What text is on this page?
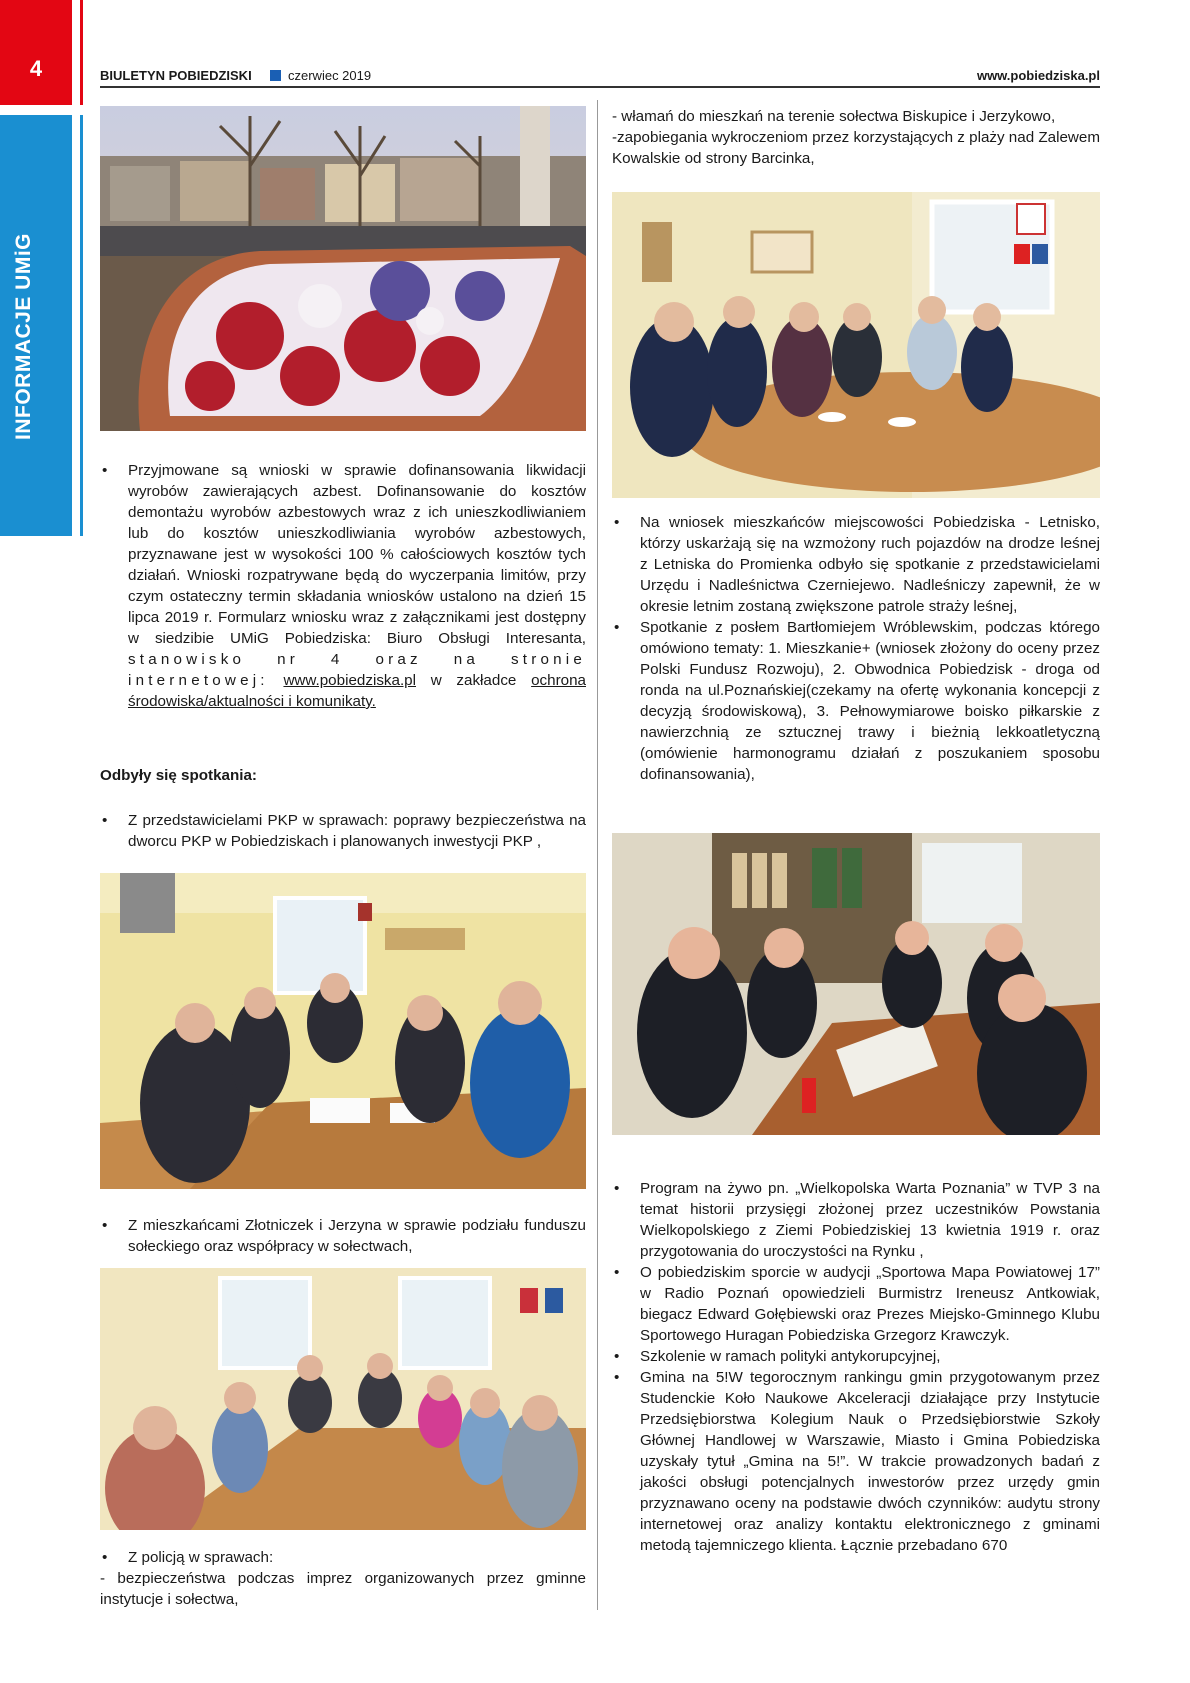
4
INFORMACJE UMiG
BIULETYN POBIEDZISKI	czerwiec 2019	www.pobiedziska.pl
• Przyjmowane są wnioski w sprawie dofinansowania likwidacji wyrobów zawierających azbest. Dofinansowanie do kosztów demontażu wyrobów azbestowych wraz z ich unieszkodliwianiem lub do kosztów unieszkodliwiania wyrobów azbestowych, przyznawane jest w wysokości 100 % całościowych kosztów tych działań. Wnioski rozpatrywane będą do wyczerpania limitów, przy czym ostateczny termin składania wniosków ustalono na dzień 15 lipca 2019 r. Formularz wniosku wraz z załącznikami jest dostępny w siedzibie UMiG Pobiedziska: Biuro Obsługi Interesanta, stanowisko nr 4 oraz na stronie internetowej: www.pobiedziska.pl w zakładce ochrona środowiska/aktualności i komunikaty.
Odbyły się spotkania:
• Z przedstawicielami PKP w sprawach: poprawy bezpieczeństwa na dworcu PKP w Pobiedziskach i planowanych inwestycji PKP ,
• Z mieszkańcami Złotniczek i Jerzyna w sprawie podziału funduszu sołeckiego oraz współpracy w sołectwach,
• Z policją w sprawach:

- bezpieczeństwa podczas imprez organizowanych przez gminne instytucje i sołectwa,

- włamań do mieszkań na terenie sołectwa Biskupice i Jerzykowo,

-zapobiegania wykroczeniom przez korzystających z plaży nad Zalewem Kowalskie od strony Barcinka,

• Na wniosek mieszkańców miejscowości Pobiedziska - Letnisko, którzy uskarżają się na wzmożony ruch pojazdów na drodze leśnej z Letniska do Promienka odbyło się spotkanie z przedstawicielami Urzędu i Nadleśnictwa Czerniejewo. Nadleśniczy zapewnił, że w okresie letnim zostaną zwiększone patrole straży leśnej,
• Spotkanie z posłem Bartłomiejem Wróblewskim, podczas którego omówiono tematy: 1. Mieszkanie+ (wniosek złożony do oceny przez Polski Fundusz Rozwoju), 2. Obwodnica Pobiedzisk - droga od ronda na ul.Poznańskiej(czekamy na ofertę wykonania koncepcji z decyzją środowiskową), 3. Pełnowymiarowe boisko piłkarskie z nawierzchnią ze sztucznej trawy i bieżnią lekkoatletyczną (omówienie harmonogramu działań z poszukaniem sposobu dofinansowania),
• Program na żywo pn. „Wielkopolska Warta Poznania” w TVP 3 na temat historii przysięgi złożonej przez uczestników Powstania Wielkopolskiego z Ziemi Pobiedziskiej 13 kwietnia 1919 r. oraz przygotowania do uroczystości na Rynku ,
• O pobiedziskim sporcie w audycji „Sportowa Mapa Powiatowej 17” w Radio Poznań opowiedzieli Burmistrz Ireneusz Antkowiak, biegacz Edward Gołębiewski oraz Prezes Miejsko-Gminnego Klubu Sportowego Huragan Pobiedziska Grzegorz Krawczyk.
• Szkolenie w ramach polityki antykorupcyjnej,
• Gmina na 5!W tegorocznym rankingu gmin przygotowanym przez Studenckie Koło Naukowe Akceleracji działające przy Instytucie Przedsiębiorstwa Kolegium Nauk o Przedsiębiorstwie Szkoły Głównej Handlowej w Warszawie, Miasto i Gmina Pobiedziska uzyskały tytuł „Gmina na 5!”. W trakcie prowadzonych badań z jakości obsługi potencjalnych inwestorów przez urzędy gmin przyznawano oceny na podstawie dwóch czynników: audytu strony internetowej oraz analizy kontaktu elektronicznego z gminami metodą tajemniczego klienta. Łącznie przebadano 670
